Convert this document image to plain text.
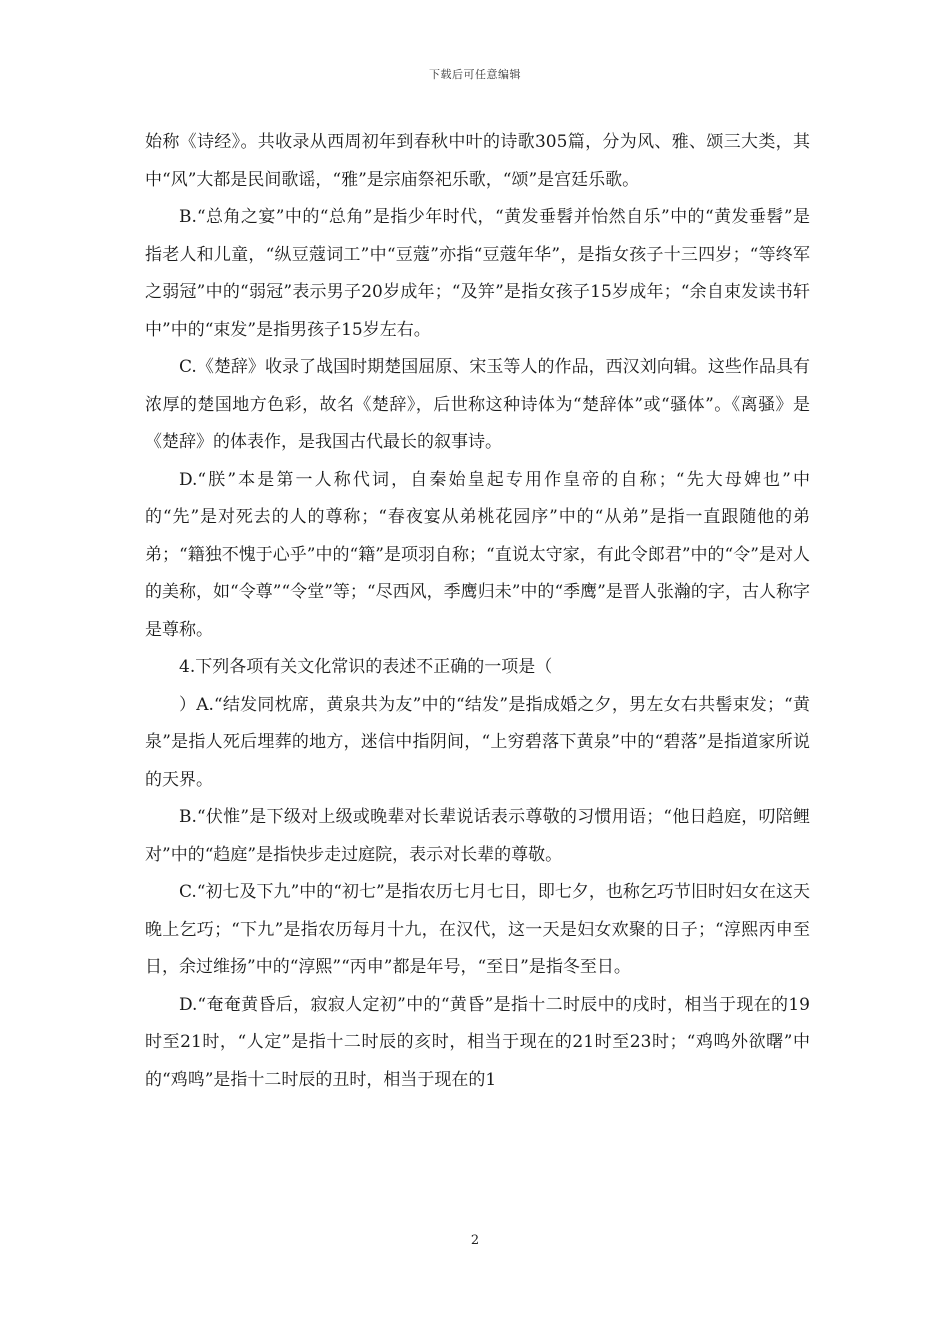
下载后可任意编辑

始称《诗经》。共收录从西周初年到春秋中叶的诗歌305篇，分为风、雅、颂三大类，其中“风”大都是民间歌谣，“雅”是宗庙祭祀乐歌，“颂”是宫廷乐歌。

B.“总角之宴”中的“总角”是指少年时代，“黄发垂髫并怡然自乐”中的“黄发垂髫”是指老人和儿童，“纵豆蔻词工”中“豆蔻”亦指“豆蔻年华”，是指女孩子十三四岁；“等终军之弱冠”中的“弱冠”表示男子20岁成年；“及笄”是指女孩子15岁成年；“余自束发读书轩中”中的“束发”是指男孩子15岁左右。

C.《楚辞》收录了战国时期楚国屈原、宋玉等人的作品，西汉刘向辑。这些作品具有浓厚的楚国地方色彩，故名《楚辞》，后世称这种诗体为“楚辞体”或“骚体”。《离骚》是《楚辞》的体表作，是我国古代最长的叙事诗。

D.“朕”本是第一人称代词，自秦始皇起专用作皇帝的自称；“先大母婢也”中的“先”是对死去的人的尊称；“春夜宴从弟桃花园序”中的“从弟”是指一直跟随他的弟弟；“籍独不愧于心乎”中的“籍”是项羽自称；“直说太守家，有此令郎君”中的“令”是对人的美称，如“令尊”“令堂”等；“尽西风，季鹰归未”中的“季鹰”是晋人张瀚的字，古人称字是尊称。

4.下列各项有关文化常识的表述不正确的一项是（

）A.“结发同枕席，黄泉共为友”中的“结发”是指成婚之夕，男左女右共髻束发；“黄泉”是指人死后埋葬的地方，迷信中指阴间，“上穷碧落下黄泉”中的“碧落”是指道家所说的天界。

B.“伏惟”是下级对上级或晚辈对长辈说话表示尊敬的习惯用语；“他日趋庭，叨陪鲤对”中的“趋庭”是指快步走过庭院，表示对长辈的尊敬。

C.“初七及下九”中的“初七”是指农历七月七日，即七夕，也称乞巧节旧时妇女在这天晚上乞巧；“下九”是指农历每月十九，在汉代，这一天是妇女欢聚的日子；“淳熙丙申至日，余过维扬”中的“淳熙”“丙申”都是年号，“至日”是指冬至日。

D.“奄奄黄昏后，寂寂人定初”中的“黄昏”是指十二时辰中的戌时，相当于现在的19时至21时，“人定”是指十二时辰的亥时，相当于现在的21时至23时；“鸡鸣外欲曙”中的“鸡鸣”是指十二时辰的丑时，相当于现在的1

2
